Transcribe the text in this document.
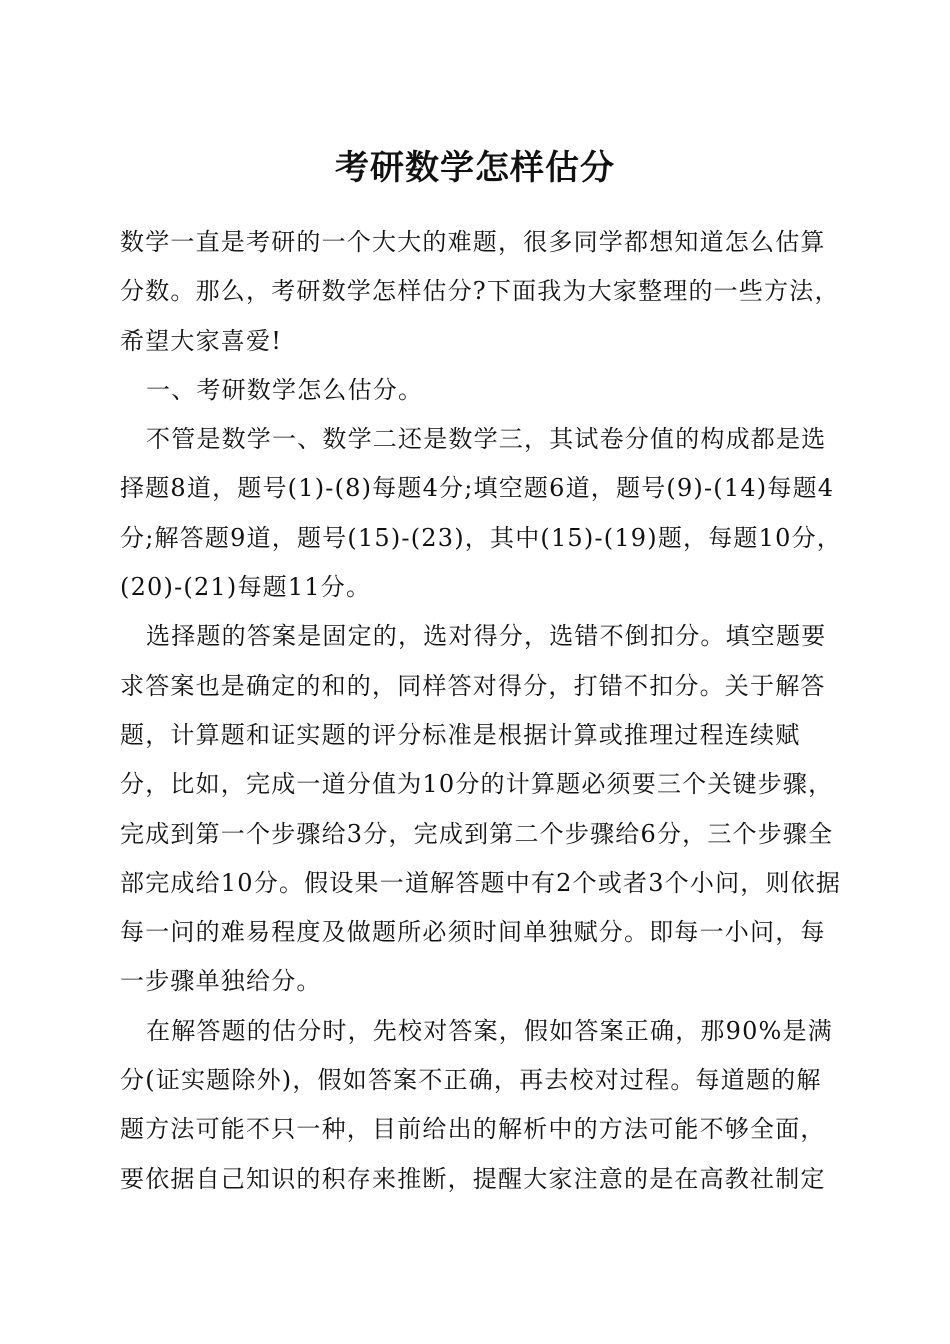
考研数学怎样估分

数学一直是考研的一个大大的难题，很多同学都想知道怎么估算分数。那么，考研数学怎样估分?下面我为大家整理的一些方法，希望大家喜爱!

一、考研数学怎么估分。

不管是数学一、数学二还是数学三，其试卷分值的构成都是选择题8道，题号(1)-(8)每题4分;填空题6道，题号(9)-(14)每题4分;解答题9道，题号(15)-(23)，其中(15)-(19)题，每题10分，(20)-(21)每题11分。

选择题的答案是固定的，选对得分，选错不倒扣分。填空题要求答案也是确定的和的，同样答对得分，打错不扣分。关于解答题，计算题和证实题的评分标准是根据计算或推理过程连续赋分，比如，完成一道分值为10分的计算题必须要三个关键步骤，完成到第一个步骤给3分，完成到第二个步骤给6分，三个步骤全部完成给10分。假设果一道解答题中有2个或者3个小问，则依据每一问的难易程度及做题所必须时间单独赋分。即每一小问，每一步骤单独给分。

在解答题的估分时，先校对答案，假如答案正确，那90%是满分(证实题除外)，假如答案不正确，再去校对过程。每道题的解题方法可能不只一种，目前给出的解析中的方法可能不够全面，要依据自己知识的积存来推断，提醒大家注意的是在高教社制定
